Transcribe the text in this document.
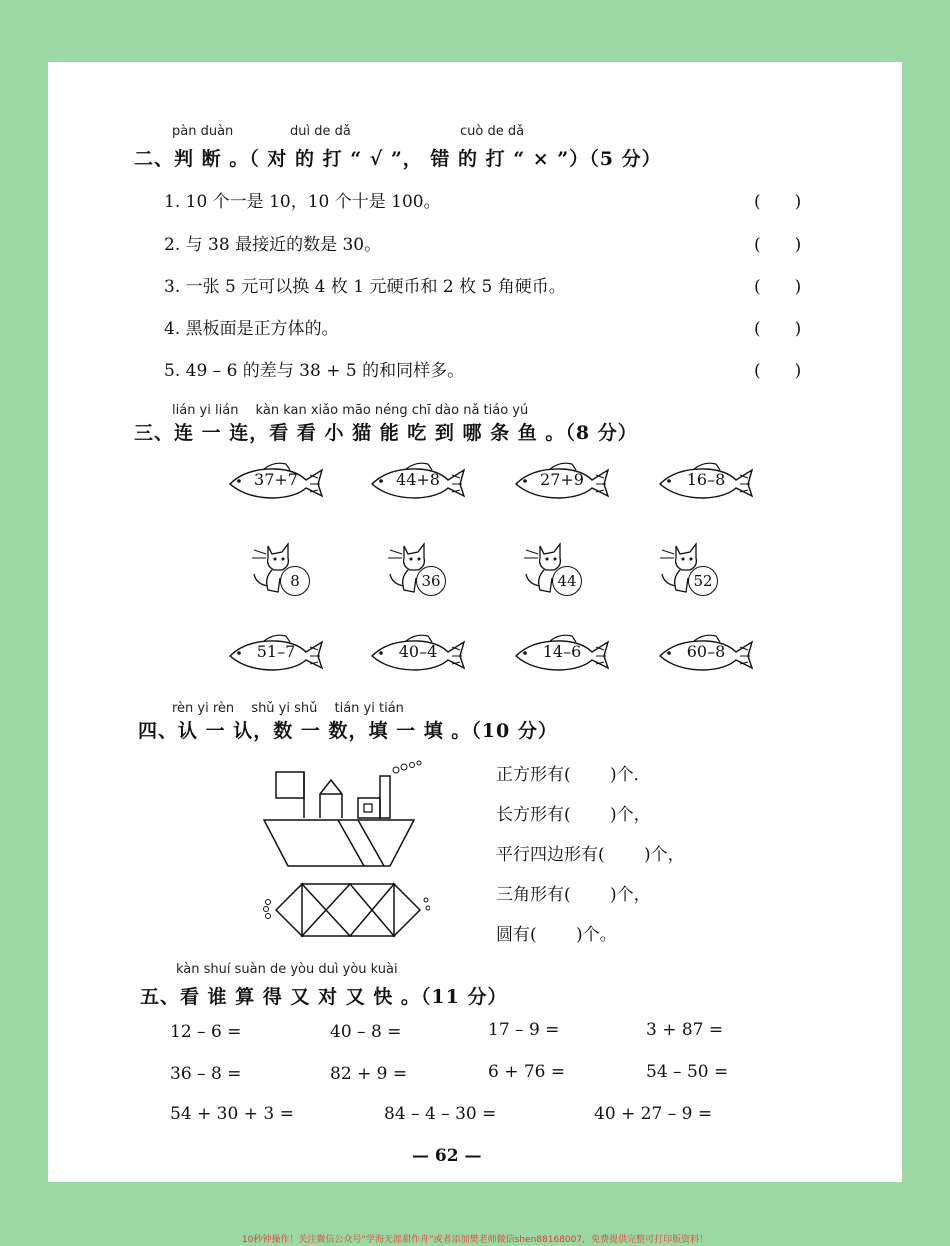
pàn duàn	duì de dǎ	cuò de dǎ
二、判 断 。（ 对 的 打 “ √ ”， 错 的 打 “ × ”）（5 分）
1. 10 个一是 10，10 个十是 100。	(　　)
2. 与 38 最接近的数是 30。	(　　)
3. 一张 5 元可以换 4 枚 1 元硬币和 2 枚 5 角硬币。	(　　)
4. 黑板面是正方体的。	(　　)
5. 49 – 6 的差与 38 + 5 的和同样多。	(　　)
lián yi lián　 kàn kan xiǎo māo néng chī dào nǎ tiáo yú
三、连 一 连，看 看 小 猫 能 吃 到 哪 条 鱼 。（8 分）
37+7	44+8	27+9	16–8
8	36	44	52
51–7	40–4	14–6	60–8
rèn yi rèn　 shǔ yi shǔ　 tián yi tián
四、认 一 认，数 一 数，填 一 填 。（10 分）
正方形有(　　 )个．
长方形有(　　 )个，
平行四边形有(　　 )个，
三角形有(　　 )个，
圆有(　　 )个。
kàn shuí suàn de yòu duì yòu kuài
五、看 谁 算 得 又 对 又 快 。（11 分）
12 – 6 =	40 – 8 =	17 – 9 =	3 + 87 =
36 – 8 =	82 + 9 =	6 + 76 =	54 – 50 =
54 + 30 + 3 =	84 – 4 – 30 =	40 + 27 – 9 =
— 62 —
10秒钟操作！关注微信公众号“学海无涯甜作舟”或者添加樊老师微信shen88168007，免费提供完整可打印版资料！
